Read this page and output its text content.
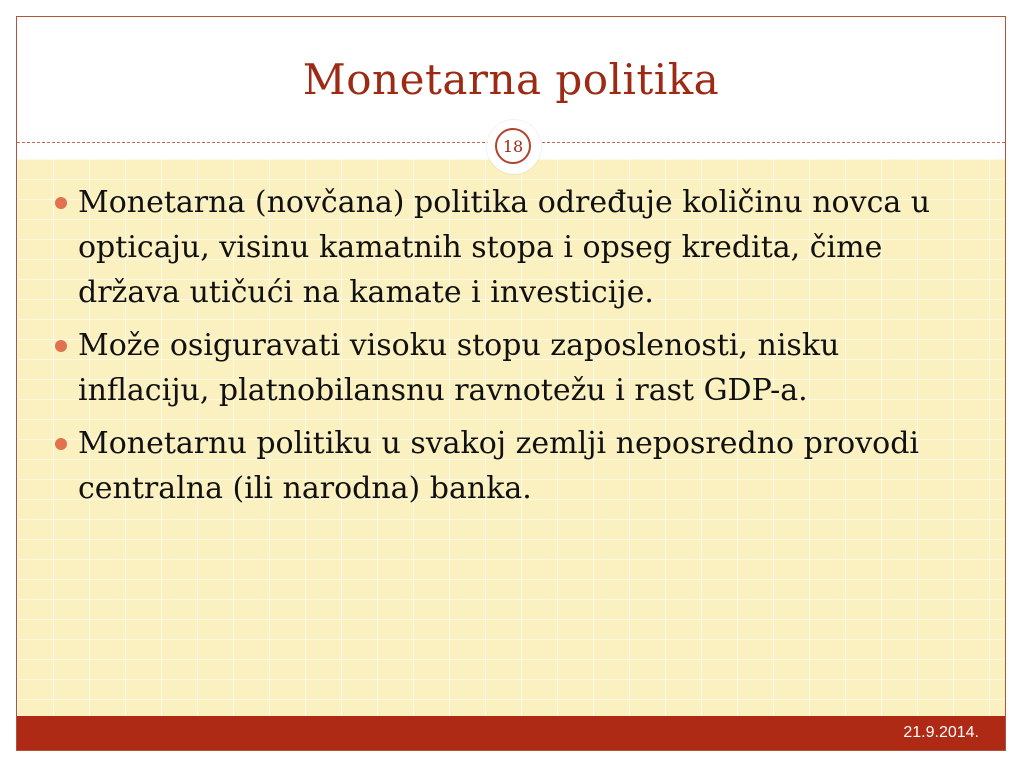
Monetarna politika
18
Monetarna (novčana) politika određuje količinu novca u opticaju, visinu kamatnih stopa i opseg kredita, čime država utičući na kamate i investicije.
Može osiguravati visoku stopu zaposlenosti, nisku inflaciju, platnobilansnu ravnotežu i rast GDP-a.
Monetarnu politiku u svakoj zemlji neposredno provodi centralna (ili narodna) banka.
21.9.2014.
